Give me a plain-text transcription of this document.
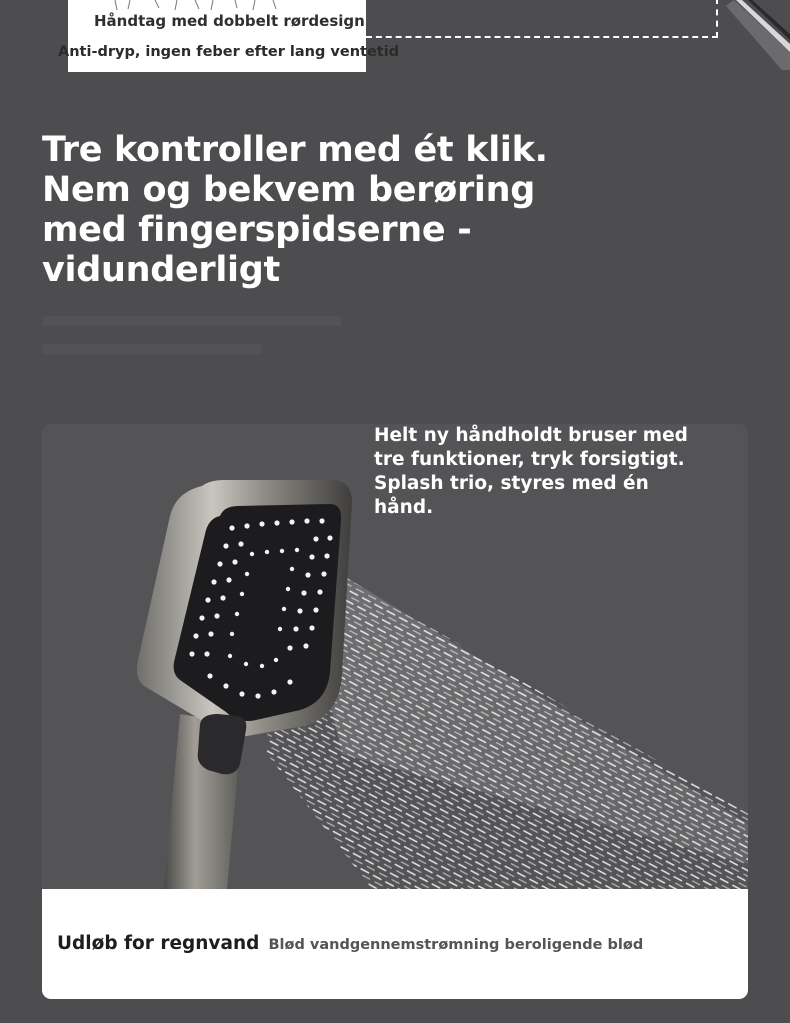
Håndtag med dobbelt rørdesign
Anti-dryp, ingen feber efter lang ventetid
Tre kontroller med ét klik.
Nem og bekvem berøring
med fingerspidserne -
vidunderligt

Helt ny håndholdt bruser med
tre funktioner, tryk forsigtigt.
Splash trio, styres med én
hånd.

Udløb for regnvand Blød vandgennemstrømning beroligende blød
